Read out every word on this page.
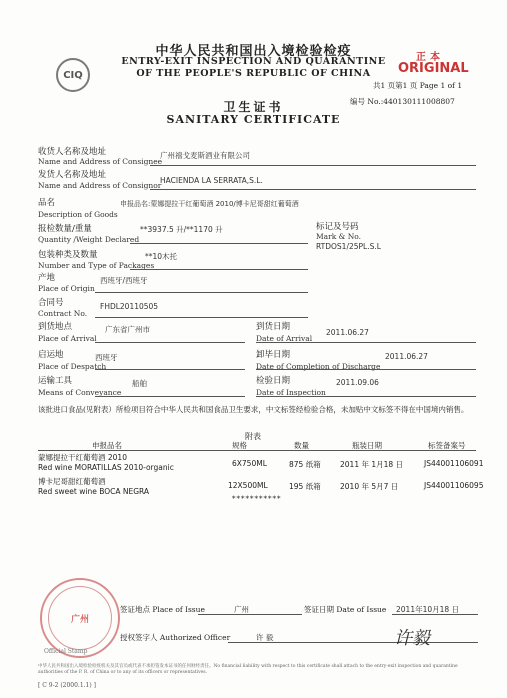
CIQ
中华人民共和国出入境检验检疫
ENTRY-EXIT INSPECTION AND QUARANTINE
OF THE PEOPLE'S REPUBLIC OF CHINA
正本
ORIGINAL
共1 页第1 页 Page 1 of 1
卫生证书
SANITARY CERTIFICATE
编号 No.:440130111008807
收货人名称及地址
Name and Address of Consignee
广州禧戈麦斯酒业有限公司
发货人名称及地址
Name and Address of Consignor
HACIENDA LA SERRATA,S.L.
品名
Description of Goods
申报品名:蒙娜提拉干红葡萄酒 2010/博卡尼哥甜红葡萄酒
报检数量/重量
Quantity /Weight Declared
**3937.5 升/**1170 升	标记及号码
Mark & No.
RTDOS1/25PL.S.L
包装种类及数量
Number and Type of Packages
**10木托
产地
Place of Origin
西班牙/西班牙
合同号
Contract No.
FHDL20110505
到货地点
Place of Arrival
广东省广州市	到货日期
Date of Arrival
2011.06.27
启运地
Place of Despatch
西班牙	卸毕日期
Date of Completion of Discharge
2011.06.27
运输工具
Means of Conveyance
船舶	检验日期
Date of Inspection
2011.09.06
该批进口食品(见附表）所检项目符合中华人民共和国食品卫生要求，中文标签经检验合格，未加贴中文标签不得在中国境内销售。
附表
申报品名	规格	数量	瓶装日期	标签备案号
蒙娜提拉干红葡萄酒 2010
Red wine MORATILLAS 2010-organic	6X750ML	875 纸箱	2011 年 1月18 日	JS44001106091
博卡尼哥甜红葡萄酒
Red sweet wine BOCA NEGRA
12X500ML	195 纸箱	2010 年 5月7 日	JS44001106095
***********
广州
Official Stamp
签证地点 Place of Issue	广州	签证日期 Date of Issue 2011年10月18 日
授权签字人 Authorized Officer	许 毅	许毅
中华人民共和国出入境检验检疫机关及其官员或代表不承担签发本证书的任何财经责任。No financial liability with respect to this certificate shall attach to the entry-exit inspection and quarantine authorities of the P. R. of China or to any of its officers or representatives.
[ C 9-2 (2000.1.1) ]
